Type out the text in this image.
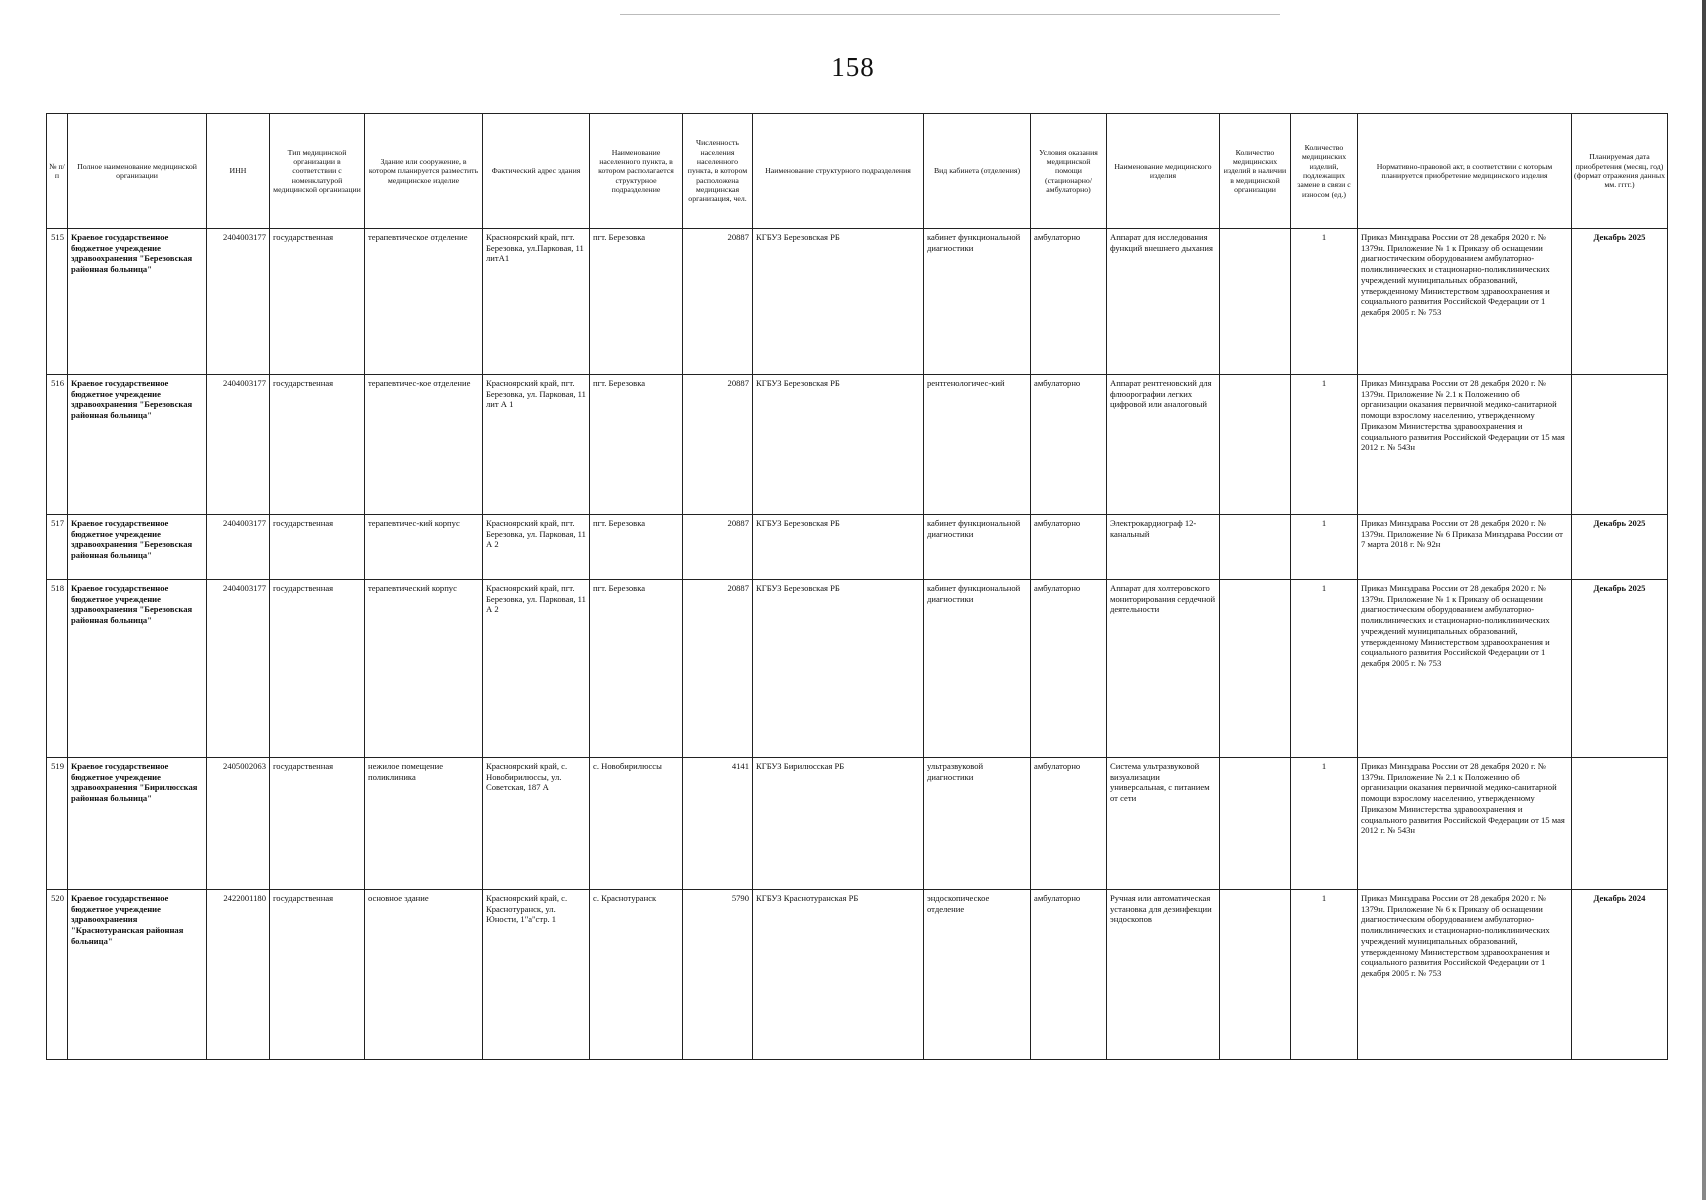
158
№ п/п	Полное наименование медицинской организации	ИНН	Тип медицинской организации в соответствии с номенклатурой медицинской организации	Здание или сооружение, в котором планируется разместить медицинское изделие	Фактический адрес здания	Наименование населенного пункта, в котором располагается структурное подразделение	Численность населения населенного пункта, в котором расположена медицинская организация, чел.	Наименование структурного подразделения	Вид кабинета (отделения)	Условия оказания медицинской помощи (стационарно/ амбулаторно)	Наименование медицинского изделия	Количество медицинских изделий в наличии в медицинской организации	Количество медицинских изделий, подлежащих замене в связи с износом (ед.)	Нормативно-правовой акт, в соответствии с которым планируется приобретение медицинского изделия	Планируемая дата приобретения (месяц, год) (формат отражения данных мм. гггг.)
515	Краевое государственное бюджетное учреждение здравоохранения "Березовская районная больница"	2404003177	государственная	терапевтическое отделение	Красноярский край, пгт. Березовка, ул.Парковая, 11 литА1	пгт. Березовка	20887	КГБУЗ Березовская РБ	кабинет функциональной диагностики	амбулаторно	Аппарат для исследования функций внешнего дыхания		1	Приказ Минздрава России от 28 декабря 2020 г. № 1379н. Приложение № 1 к Приказу об оснащении диагностическим оборудованием амбулаторно-поликлинических и стационарно-поликлинических учреждений муниципальных образований, утвержденному Министерством здравоохранения и социального развития Российской Федерации от 1 декабря 2005 г. № 753	Декабрь 2025
516	Краевое государственное бюджетное учреждение здравоохранения "Березовская районная больница"	2404003177	государственная	терапевтичес-кое отделение	Красноярский край, пгт. Березовка, ул. Парковая, 11 лит А 1	пгт. Березовка	20887	КГБУЗ Березовская РБ	рентгенологичес-кий	амбулаторно	Аппарат рентгеновский для флюорографии легких цифровой или аналоговый		1	Приказ Минздрава России от 28 декабря 2020 г. № 1379н. Приложение № 2.1 к Положению об организации оказания первичной медико-санитарной помощи взрослому населению, утвержденному Приказом Министерства здравоохранения и социального развития Российской Федерации от 15 мая 2012 г. № 543н	
517	Краевое государственное бюджетное учреждение здравоохранения "Березовская районная больница"	2404003177	государственная	терапевтичес-кий корпус	Красноярский край, пгт. Березовка, ул. Парковая, 11 А 2	пгт. Березовка	20887	КГБУЗ Березовская РБ	кабинет функциональной диагностики	амбулаторно	Электрокардиограф 12-канальный		1	Приказ Минздрава России от 28 декабря 2020 г. № 1379н. Приложение № 6 Приказа Минздрава России от 7 марта 2018 г. № 92н	Декабрь 2025
518	Краевое государственное бюджетное учреждение здравоохранения "Березовская районная больница"	2404003177	государственная	терапевтический корпус	Красноярский край, пгт. Березовка, ул. Парковая, 11 А 2	пгт. Березовка	20887	КГБУЗ Березовская РБ	кабинет функциональной диагностики	амбулаторно	Аппарат для холтеровского мониторирования сердечной деятельности		1	Приказ Минздрава России от 28 декабря 2020 г. № 1379н. Приложение № 1 к Приказу об оснащении диагностическим оборудованием амбулаторно-поликлинических и стационарно-поликлинических учреждений муниципальных образований, утвержденному Министерством здравоохранения и социального развития Российской Федерации от 1 декабря 2005 г. № 753	Декабрь 2025
519	Краевое государственное бюджетное учреждение здравоохранения "Бирилюсская районная больница"	2405002063	государственная	нежилое помещение поликлиника	Красноярский край, с. Новобирилюссы, ул. Советская, 187 А	с. Новобирилюссы	4141	КГБУЗ Бирилюсская РБ	ультразвуковой диагностики	амбулаторно	Система ультразвуковой визуализации универсальная, с питанием от сети		1	Приказ Минздрава России от 28 декабря 2020 г. № 1379н. Приложение № 2.1 к Положению об организации оказания первичной медико-санитарной помощи взрослому населению, утвержденному Приказом Министерства здравоохранения и социального развития Российской Федерации от 15 мая 2012 г. № 543н	
520	Краевое государственное бюджетное учреждение здравоохранения "Краснотуранская районная больница"	2422001180	государственная	основное здание	Красноярский край, с. Краснотуранск, ул. Юности, 1"а"стр. 1	с. Краснотуранск	5790	КГБУЗ Краснотуранская РБ	эндоскопическое отделение	амбулаторно	Ручная или автоматическая установка для дезинфекции эндоскопов		1	Приказ Минздрава России от 28 декабря 2020 г. № 1379н. Приложение № 6 к Приказу об оснащении диагностическим оборудованием амбулаторно-поликлинических и стационарно-поликлинических учреждений муниципальных образований, утвержденному Министерством здравоохранения и социального развития Российской Федерации от 1 декабря 2005 г. № 753	Декабрь 2024
